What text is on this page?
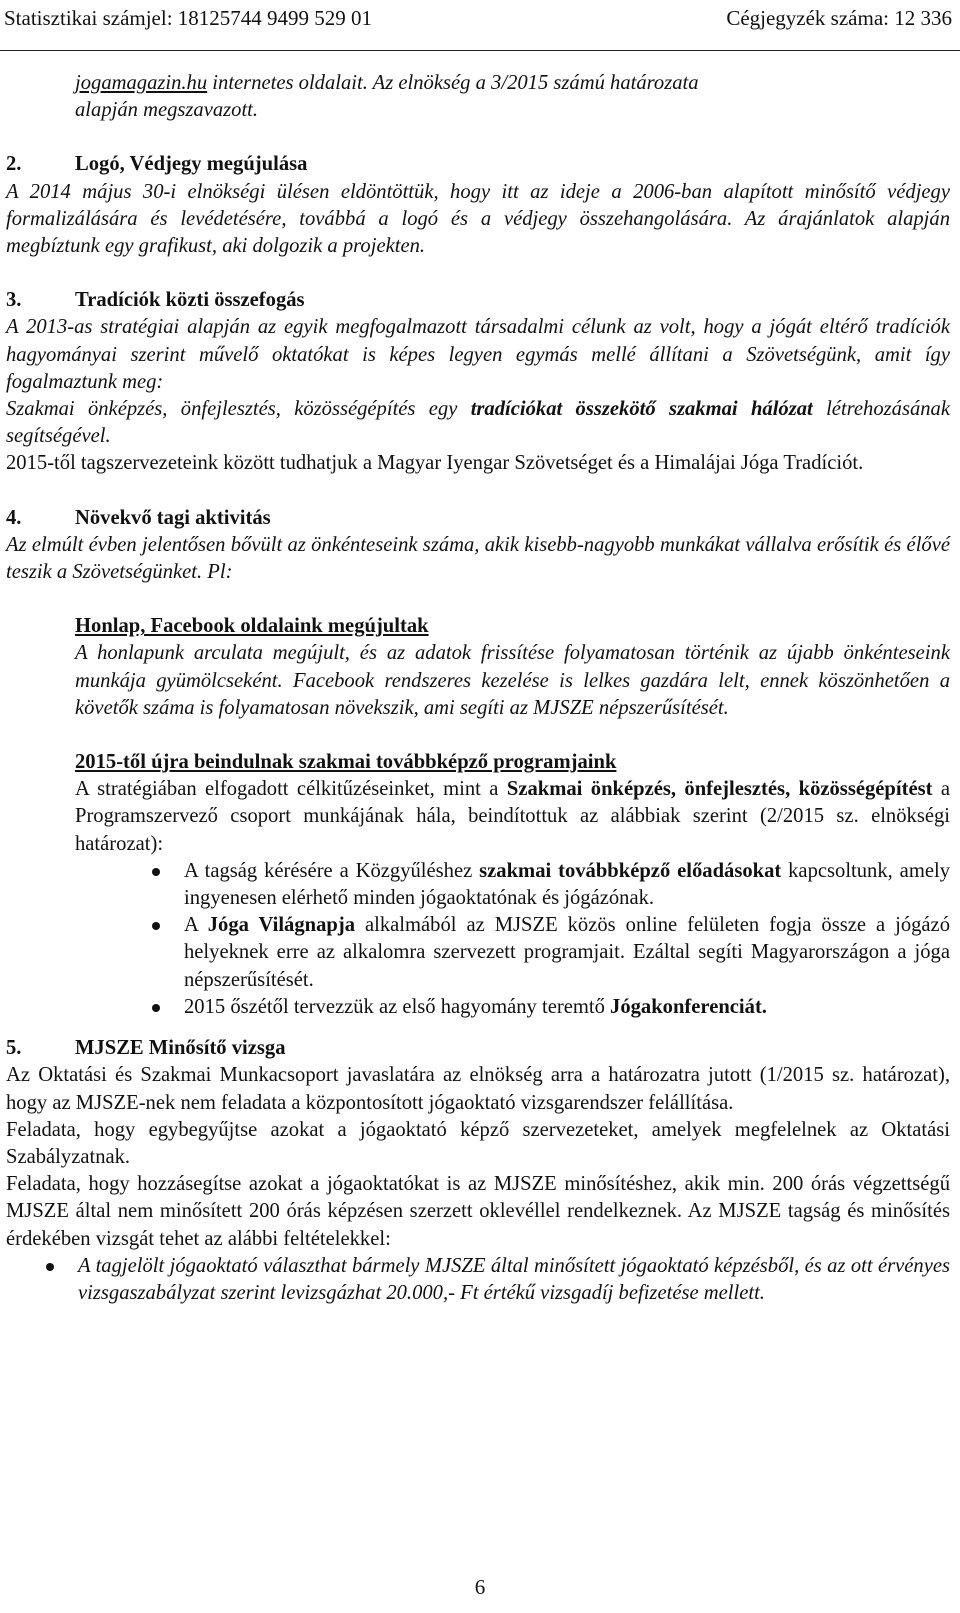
Statisztikai számjel: 18125744 9499 529 01	Cégjegyzék száma: 12 336

jogamagazin.hu internetes oldalait. Az elnökség a 3/2015 számú határozata
alapján megszavazott.

2.	Logó, Védjegy megújulása

A 2014 május 30-i elnökségi ülésen eldöntöttük, hogy itt az ideje a 2006-ban alapított minősítő védjegy formalizálására és levédetésére, továbbá a logó és a védjegy összehangolására. Az árajánlatok alapján megbíztunk egy grafikust, aki dolgozik a projekten.

3.	Tradíciók közti összefogás

A 2013-as stratégiai alapján az egyik megfogalmazott társadalmi célunk az volt, hogy a jógát eltérő tradíciók hagyományai szerint művelő oktatókat is képes legyen egymás mellé állítani a Szövetségünk, amit így fogalmaztunk meg:

Szakmai önképzés, önfejlesztés, közösségépítés egy tradíciókat összekötő szakmai hálózat létrehozásának segítségével.

2015-től tagszervezeteink között tudhatjuk a Magyar Iyengar Szövetséget és a Himalájai Jóga Tradíciót.

4.	Növekvő tagi aktivitás

Az elmúlt évben jelentősen bővült az önkénteseink száma, akik kisebb-nagyobb munkákat vállalva erősítik és élővé teszik a Szövetségünket. Pl:

Honlap, Facebook oldalaink megújultak

A honlapunk arculata megújult, és az adatok frissítése folyamatosan történik az újabb önkénteseink munkája gyümölcseként. Facebook rendszeres kezelése is lelkes gazdára lelt, ennek köszönhetően a követők száma is folyamatosan növekszik, ami segíti az MJSZE népszerűsítését.

2015-től újra beindulnak szakmai továbbképző programjaink

A stratégiában elfogadott célkitűzéseinket, mint a Szakmai önképzés, önfejlesztés, közösségépítést a Programszervező csoport munkájának hála, beindítottuk az alábbiak szerint (2/2015 sz. elnökségi határozat):

A tagság kérésére a Közgyűléshez szakmai továbbképző előadásokat kapcsoltunk, amely ingyenesen elérhető minden jógaoktatónak és jógázónak.
A Jóga Világnapja alkalmából az MJSZE közös online felületen fogja össze a jógázó helyeknek erre az alkalomra szervezett programjait. Ezáltal segíti Magyarországon a jóga népszerűsítését.
2015 őszétől tervezzük az első hagyomány teremtő Jógakonferenciát.

5.	MJSZE Minősítő vizsga

Az Oktatási és Szakmai Munkacsoport javaslatára az elnökség arra a határozatra jutott (1/2015 sz. határozat), hogy az MJSZE-nek nem feladata a központosított jógaoktató vizsgarendszer felállítása.

Feladata, hogy egybegyűjtse azokat a jógaoktató képző szervezeteket, amelyek megfelelnek az Oktatási Szabályzatnak.

Feladata, hogy hozzásegítse azokat a jógaoktatókat is az MJSZE minősítéshez, akik min. 200 órás végzettségű MJSZE által nem minősített 200 órás képzésen szerzett oklevéllel rendelkeznek. Az MJSZE tagság és minősítés érdekében vizsgát tehet az alábbi feltételekkel:

A tagjelölt jógaoktató választhat bármely MJSZE által minősített jógaoktató képzésből, és az ott érvényes vizsgaszabályzat szerint levizsgázhat 20.000,- Ft értékű vizsgadíj befizetése mellett.
6
